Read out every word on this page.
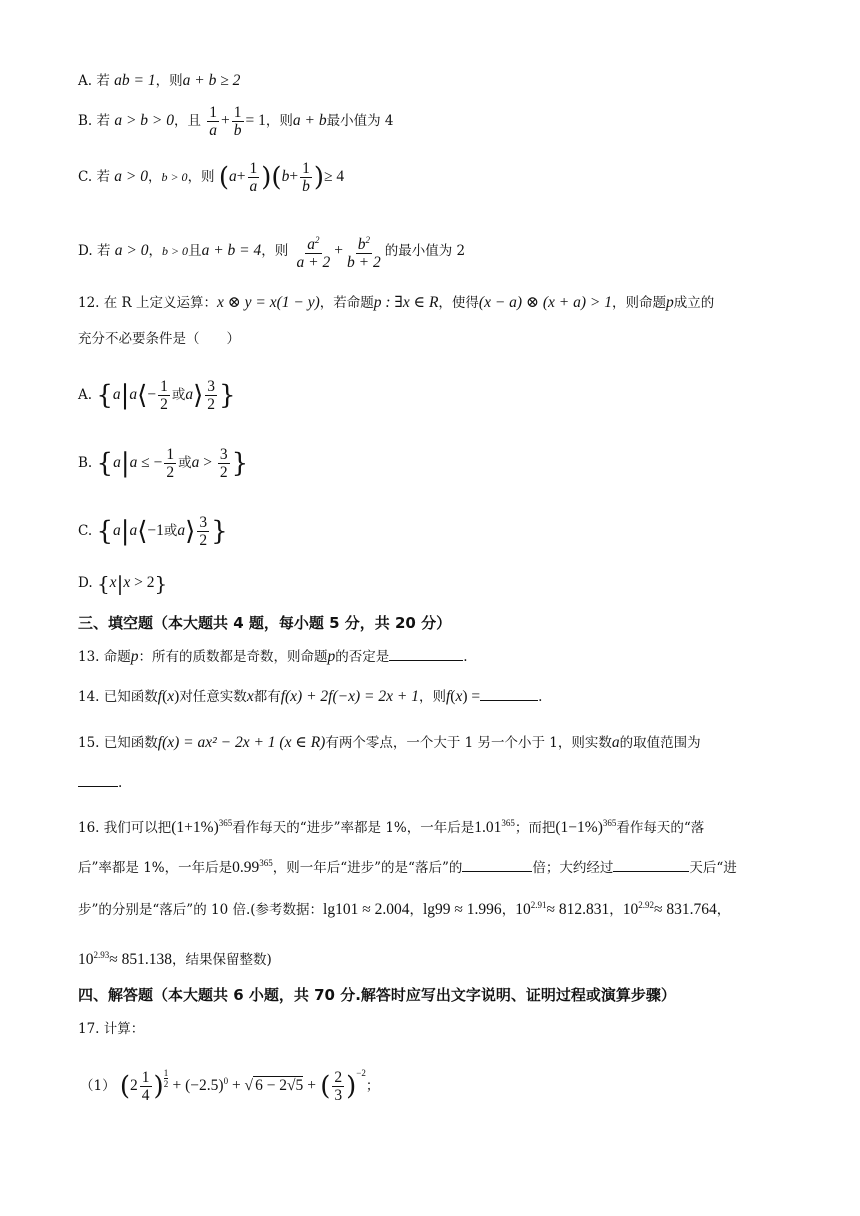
A. 若 ab = 1，则a + b ≥ 2
B. 若 a > b > 0，且 $\frac{1}{a} + \frac{1}{b} = 1$，则a + b最小值为 4
C. 若 a > 0，b > 0，则 $(a+ \frac{1}{a} )(b+ \frac{1}{b}$ )≥ 4
D. 若 a > 0，b > 0且a + b = 4，则 $\frac{a^2}{a + 2} + \frac{b^2}{b + 2}$ 的最小值为 2
12. 在 R 上定义运算：x ⊗ y = x(1 − y)，若命题p : ∃x ∈ R，使得(x − a) ⊗ (x + a) > 1，则命题p成立的
充分不必要条件是（　　）
A. {a|a⟨− $\frac{1}{2}$ 或a⟩ $\frac{3}{2}$ }
B. {a|a ≤ − $\frac{1}{2}$ 或$a > \frac{3}{2}$ }
C. {a|a⟨−1或a⟩ $\frac{3}{2}$ }
D. {x|x > 2}
三、填空题（本大题共 4 题，每小题 5 分，共 20 分）
13. 命题p：所有的质数都是奇数，则命题p的否定是	.
14. 已知函数f(x)对任意实数x都有f(x) + 2f(−x) = 2x + 1，则f(x) =	.
15. 已知函数f(x) = ax² − 2x + 1 (x ∈ R)有两个零点，一个大于 1 另一个小于 1，则实数a的取值范围为
.
16. 我们可以把$(1+1\%)^{365}$看作每天的“进步”率都是 1%，一年后是1.01$^{365}$；而把$(1-1\%)^{365}$看作每天的“落
后”率都是 1%，一年后是0.99$^{365}$，则一年后“进步”的是“落后”的	倍；大约经过	天后“进
步”的分别是“落后”的 10 倍.(参考数据：lg101 ≈ 2.004，lg99 ≈ 1.996，$10^{2.91}\approx 812.831$，$10^{2.92}\approx 831.764$，
$10^{2.93}\approx 851.138$，结果保留整数)
四、解答题（本大题共 6 小题，共 70 分.解答时应写出文字说明、证明过程或演算步骤）
17. 计算：
（1） ($2 \frac{1}{4}$ ) $\frac{1}{2} + (-2.5)^0$ + √ 6 − 2√5 + ( $\frac{2}{3} )^{-2}$；
